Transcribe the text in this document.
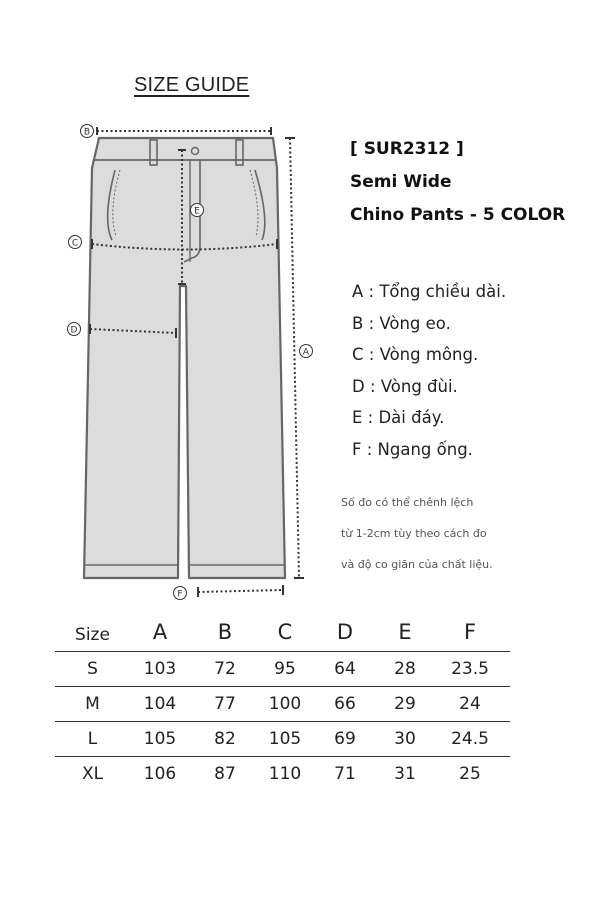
SIZE GUIDE
B
E
C
D
A
F
[ SUR2312 ]
Semi Wide
Chino Pants - 5 COLOR
A : Tổng chiều dài.
B : Vòng eo.
C : Vòng mông.
D : Vòng đùi.
E : Dài đáy.
F : Ngang ống.
Số đo có thể chênh lệch
từ 1-2cm tùy theo cách đo
và độ co giãn của chất liệu.
Size	A	B	C	D	E	F
S	103	72	95	64	28	23.5
M	104	77	100	66	29	24
L	105	82	105	69	30	24.5
XL	106	87	110	71	31	25
